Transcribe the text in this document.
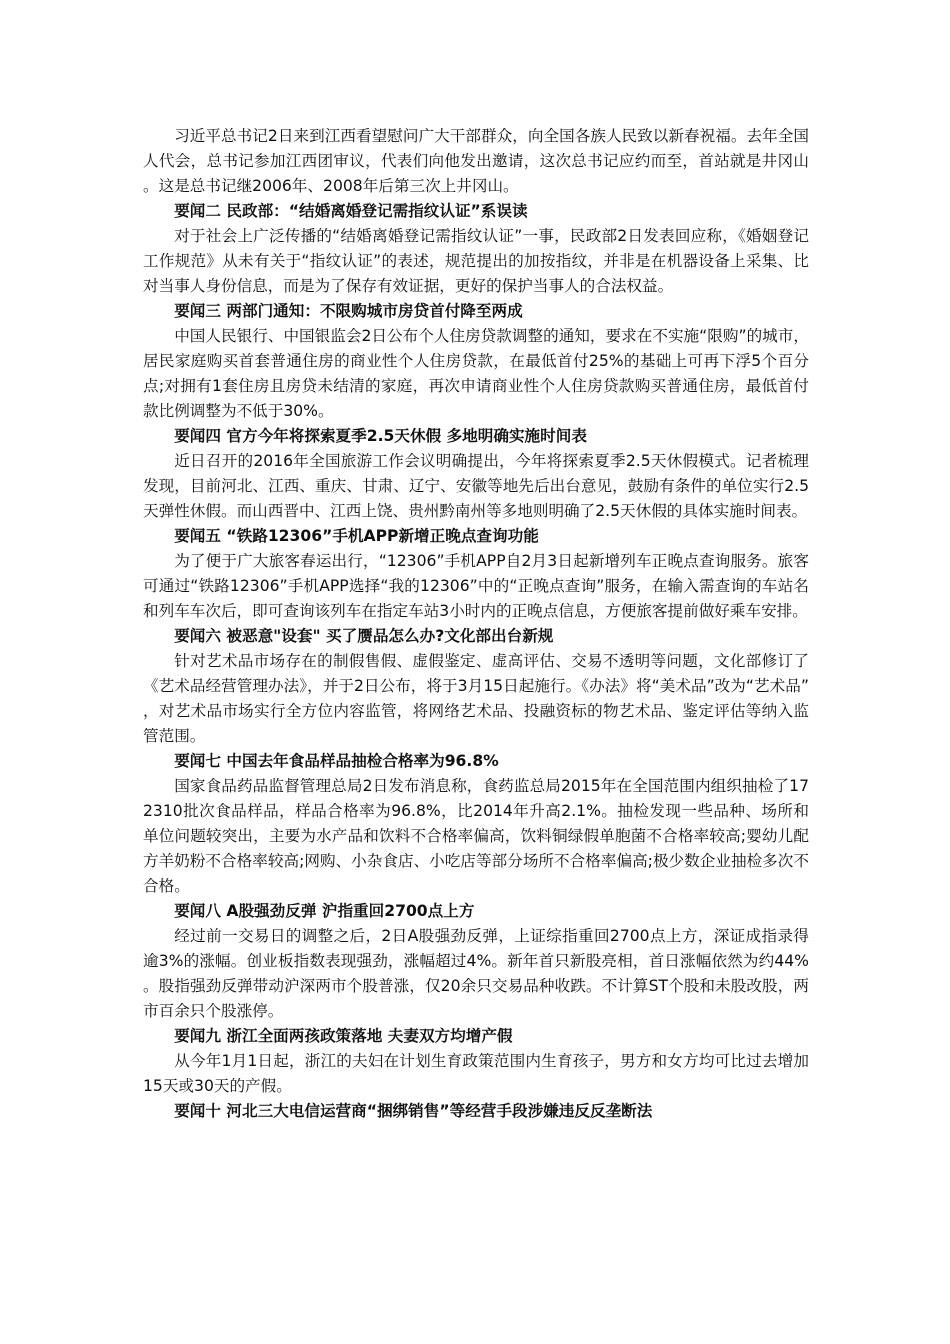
习近平总书记2日来到江西看望慰问广大干部群众，向全国各族人民致以新春祝福。去年全国人代会，总书记参加江西团审议，代表们向他发出邀请，这次总书记应约而至，首站就是井冈山。这是总书记继2006年、2008年后第三次上井冈山。

要闻二 民政部：“结婚离婚登记需指纹认证”系误读

对于社会上广泛传播的“结婚离婚登记需指纹认证”一事，民政部2日发表回应称，《婚姻登记工作规范》从未有关于“指纹认证”的表述，规范提出的加按指纹，并非是在机器设备上采集、比对当事人身份信息，而是为了保存有效证据，更好的保护当事人的合法权益。

要闻三 两部门通知：不限购城市房贷首付降至两成

中国人民银行、中国银监会2日公布个人住房贷款调整的通知，要求在不实施“限购”的城市，居民家庭购买首套普通住房的商业性个人住房贷款，在最低首付25%的基础上可再下浮5个百分点;对拥有1套住房且房贷未结清的家庭，再次申请商业性个人住房贷款购买普通住房，最低首付款比例调整为不低于30%。

要闻四 官方今年将探索夏季2.5天休假 多地明确实施时间表

近日召开的2016年全国旅游工作会议明确提出，今年将探索夏季2.5天休假模式。记者梳理发现，目前河北、江西、重庆、甘肃、辽宁、安徽等地先后出台意见，鼓励有条件的单位实行2.5天弹性休假。而山西晋中、江西上饶、贵州黔南州等多地则明确了2.5天休假的具体实施时间表。

要闻五 “铁路12306”手机APP新增正晚点查询功能

为了便于广大旅客春运出行，“12306”手机APP自2月3日起新增列车正晚点查询服务。旅客可通过“铁路12306”手机APP选择“我的12306”中的“正晚点查询”服务，在输入需查询的车站名和列车车次后，即可查询该列车在指定车站3小时内的正晚点信息，方便旅客提前做好乘车安排。

要闻六 被恶意"设套" 买了赝品怎么办?文化部出台新规

针对艺术品市场存在的制假售假、虚假鉴定、虚高评估、交易不透明等问题，文化部修订了《艺术品经营管理办法》，并于2日公布，将于3月15日起施行。《办法》将“美术品”改为“艺术品”，对艺术品市场实行全方位内容监管，将网络艺术品、投融资标的物艺术品、鉴定评估等纳入监管范围。

要闻七 中国去年食品样品抽检合格率为96.8%

国家食品药品监督管理总局2日发布消息称，食药监总局2015年在全国范围内组织抽检了172310批次食品样品，样品合格率为96.8%，比2014年升高2.1%。抽检发现一些品种、场所和单位问题较突出，主要为水产品和饮料不合格率偏高，饮料铜绿假单胞菌不合格率较高;婴幼儿配方羊奶粉不合格率较高;网购、小杂食店、小吃店等部分场所不合格率偏高;极少数企业抽检多次不合格。

要闻八 A股强劲反弹 沪指重回2700点上方

经过前一交易日的调整之后，2日A股强劲反弹，上证综指重回2700点上方，深证成指录得逾3%的涨幅。创业板指数表现强劲，涨幅超过4%。新年首只新股亮相，首日涨幅依然为约44%。股指强劲反弹带动沪深两市个股普涨，仅20余只交易品种收跌。不计算ST个股和未股改股，两市百余只个股涨停。

要闻九 浙江全面两孩政策落地 夫妻双方均增产假

从今年1月1日起，浙江的夫妇在计划生育政策范围内生育孩子，男方和女方均可比过去增加15天或30天的产假。

要闻十 河北三大电信运营商“捆绑销售”等经营手段涉嫌违反反垄断法
